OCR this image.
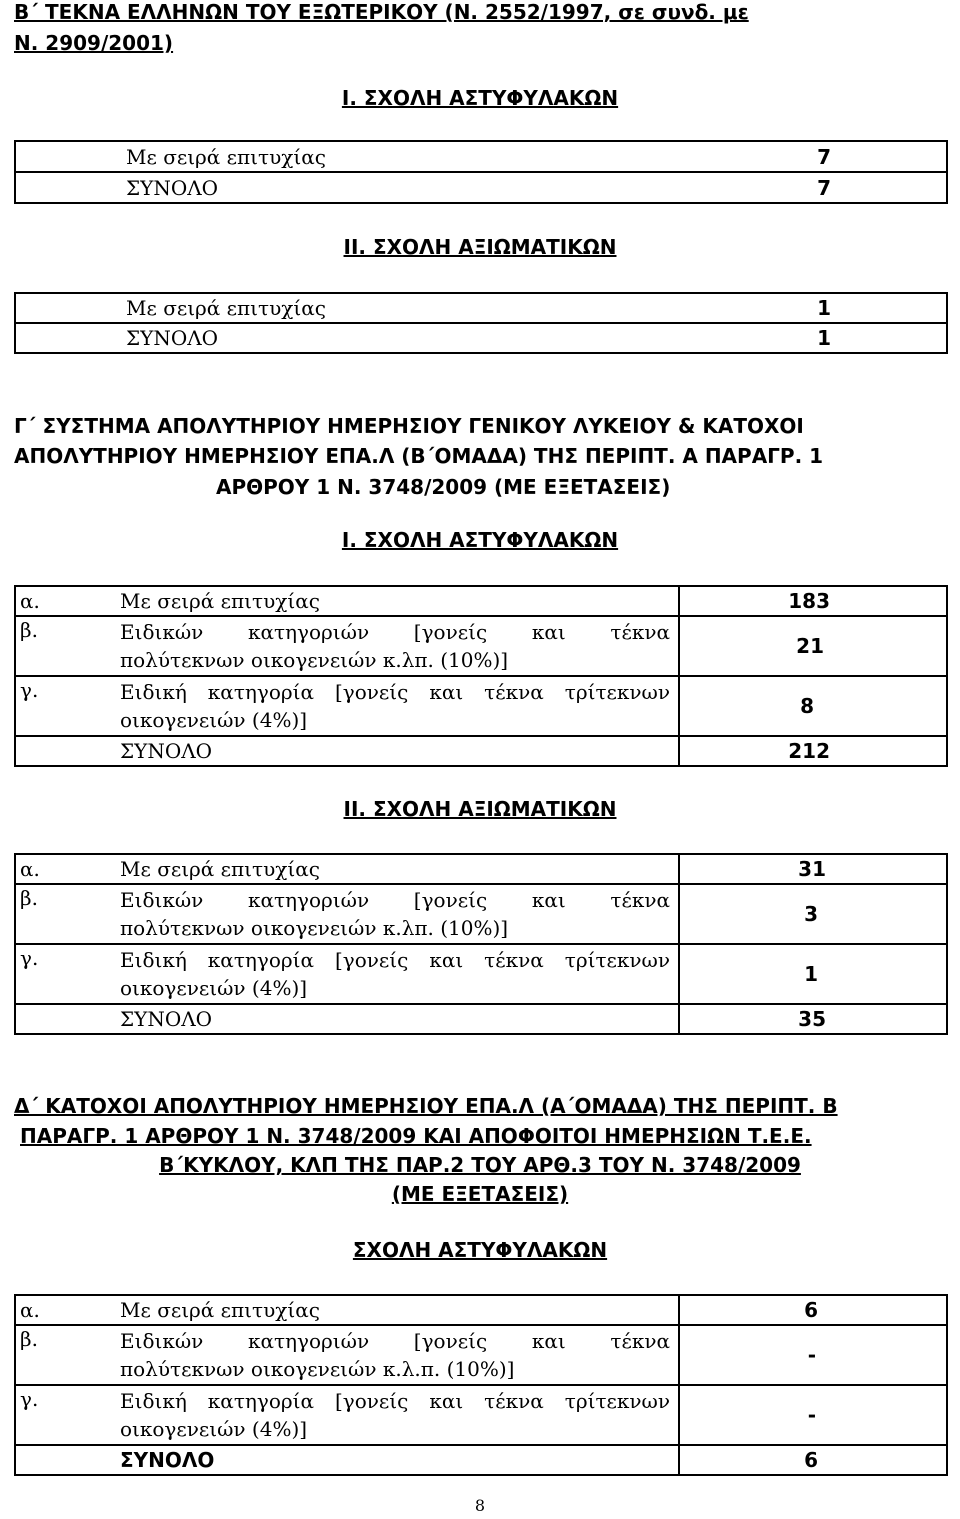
Β΄ ΤΕΚΝΑ ΕΛΛΗΝΩΝ ΤΟΥ ΕΞΩΤΕΡΙΚΟΥ (Ν. 2552/1997, σε συνδ. με
Ν. 2909/2001)
Ι. ΣΧΟΛΗ ΑΣΤΥΦΥΛΑΚΩΝ
Με σειρά επιτυχίας	7
ΣΥΝΟΛΟ	7
ΙΙ. ΣΧΟΛΗ ΑΞΙΩΜΑΤΙΚΩΝ
Με σειρά επιτυχίας	1
ΣΥΝΟΛΟ	1
Γ΄ ΣΥΣΤΗΜΑ ΑΠΟΛΥΤΗΡΙΟΥ ΗΜΕΡΗΣΙΟΥ ΓΕΝΙΚΟΥ ΛΥΚΕΙΟΥ & ΚΑΤΟΧΟΙ
ΑΠΟΛΥΤΗΡΙΟΥ ΗΜΕΡΗΣΙΟΥ ΕΠΑ.Λ (Β΄ΟΜΑΔΑ) ΤΗΣ ΠΕΡΙΠΤ. Α ΠΑΡΑΓΡ. 1
ΑΡΘΡΟΥ 1 Ν. 3748/2009 (ΜΕ ΕΞΕΤΑΣΕΙΣ)
Ι. ΣΧΟΛΗ ΑΣΤΥΦΥΛΑΚΩΝ
α.	Με σειρά επιτυχίας	183
β.	Ειδικών κατηγοριών [γονείς και τέκνα
πολύτεκνων οικογενειών κ.λπ. (10%)]	21
γ.	Ειδική κατηγορία [γονείς και τέκνα τρίτεκνων
οικογενειών (4%)]	8
	ΣΥΝΟΛΟ	212
ΙΙ. ΣΧΟΛΗ ΑΞΙΩΜΑΤΙΚΩΝ
α.	Με σειρά επιτυχίας	31
β.	Ειδικών κατηγοριών [γονείς και τέκνα
πολύτεκνων οικογενειών κ.λπ. (10%)]	3
γ.	Ειδική κατηγορία [γονείς και τέκνα τρίτεκνων
οικογενειών (4%)]	1
	ΣΥΝΟΛΟ	35
Δ΄ ΚΑΤΟΧΟΙ ΑΠΟΛΥΤΗΡΙΟΥ ΗΜΕΡΗΣΙΟΥ ΕΠΑ.Λ (Α΄ΟΜΑΔΑ) ΤΗΣ ΠΕΡΙΠΤ. Β
ΠΑΡΑΓΡ. 1 ΑΡΘΡΟΥ 1 Ν. 3748/2009 ΚΑΙ ΑΠΟΦΟΙΤΟΙ ΗΜΕΡΗΣΙΩΝ Τ.Ε.Ε.
Β΄ΚΥΚΛΟΥ, ΚΛΠ ΤΗΣ ΠΑΡ.2 ΤΟΥ ΑΡΘ.3 ΤΟΥ Ν. 3748/2009
(ΜΕ ΕΞΕΤΑΣΕΙΣ)
ΣΧΟΛΗ ΑΣΤΥΦΥΛΑΚΩΝ
α.	Με σειρά επιτυχίας	6
β.	Ειδικών κατηγοριών [γονείς και τέκνα
πολύτεκνων οικογενειών κ.λ.π. (10%)]	-
γ.	Ειδική κατηγορία [γονείς και τέκνα τρίτεκνων
οικογενειών (4%)]	-
	ΣΥΝΟΛΟ	6
8
